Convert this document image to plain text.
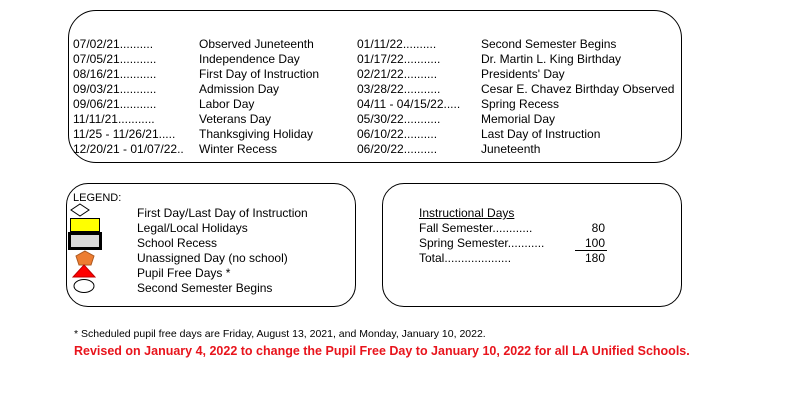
07/02/21..........	Observed Juneteenth
07/05/21...........	Independence Day
08/16/21...........	First Day of Instruction
09/03/21...........	Admission Day
09/06/21...........	Labor Day
11/11/21...........	Veterans Day
11/25 - 11/26/21..... Thanksgiving Holiday
12/20/21 - 01/07/22.. Winter Recess
01/11/22..........	Second Semester Begins
01/17/22...........	Dr. Martin L. King Birthday
02/21/22..........	Presidents' Day
03/28/22...........	Cesar E. Chavez Birthday Observed
04/11 - 04/15/22..... Spring Recess
05/30/22...........	Memorial Day
06/10/22..........	Last Day of Instruction
06/20/22..........	Juneteenth
LEGEND:
First Day/Last Day of Instruction
Legal/Local Holidays
School Recess
Unassigned Day (no school)
Pupil Free Days *
Second Semester Begins
Instructional Days
Fall Semester............	80
Spring Semester...........	100
Total....................	180
* Scheduled pupil free days are Friday, August 13, 2021, and Monday, January 10, 2022.
Revised on January 4, 2022 to change the Pupil Free Day to January 10, 2022 for all LA Unified Schools.
